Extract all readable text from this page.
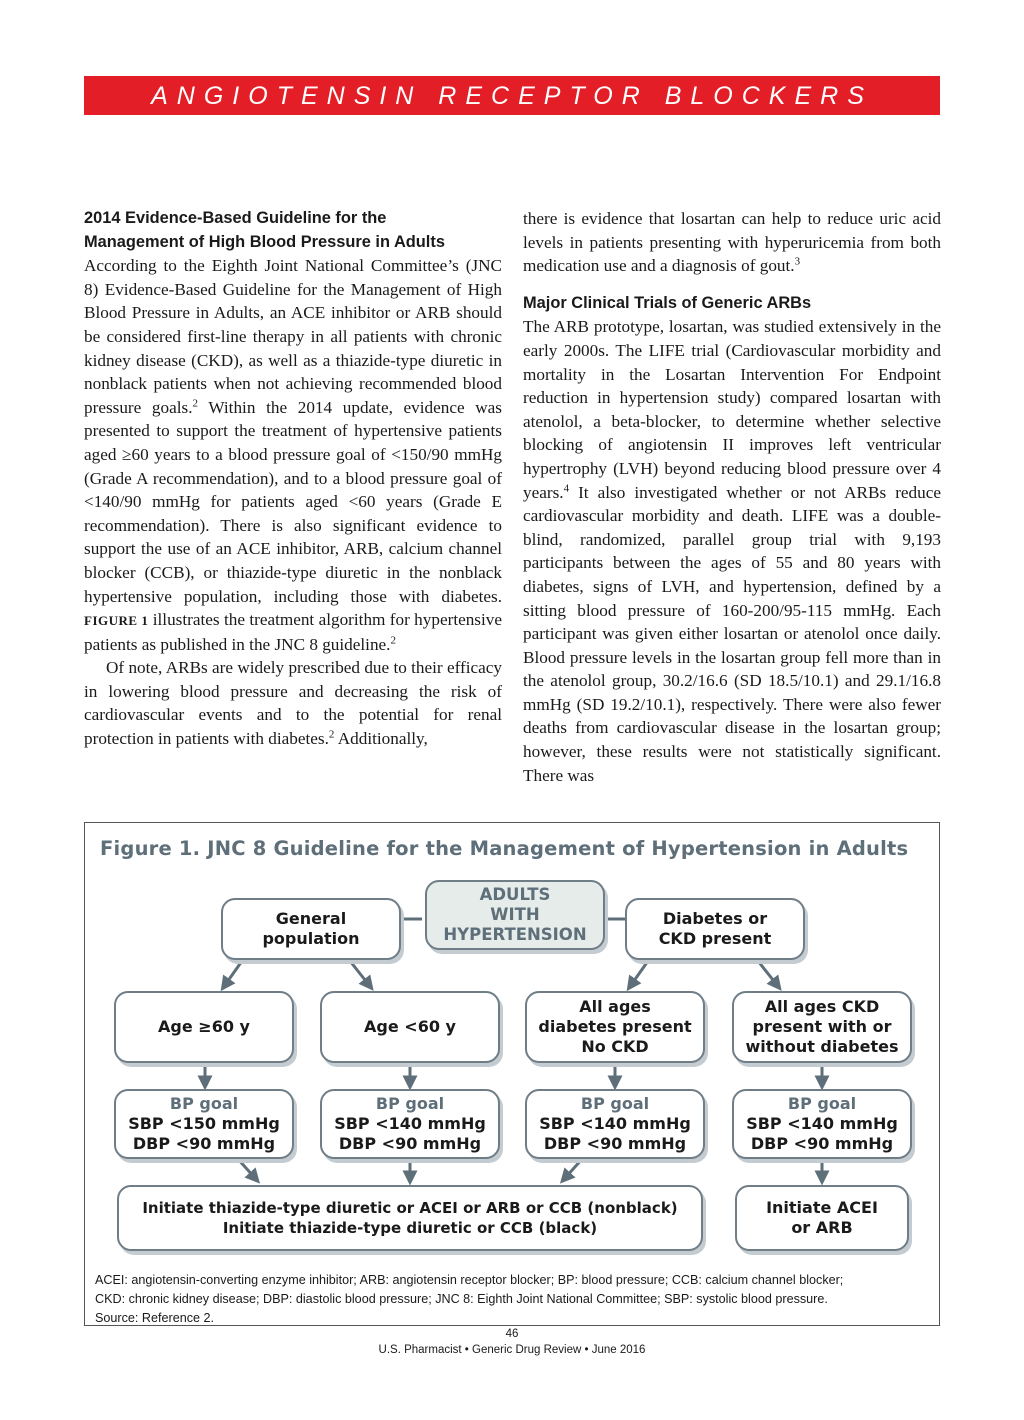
ANGIOTENSIN RECEPTOR BLOCKERS
2014 Evidence-Based Guideline for the
Management of High Blood Pressure in Adults

According to the Eighth Joint National Committee’s (JNC 8) Evidence-Based Guideline for the Management of High Blood Pressure in Adults, an ACE inhibitor or ARB should be considered first-line therapy in all patients with chronic kidney disease (CKD), as well as a thiazide-type diuretic in nonblack patients when not achieving recommended blood pressure goals.$^2$ Within the 2014 update, evidence was presented to support the treatment of hypertensive patients aged ≥60 years to a blood pressure goal of <150/90 mmHg (Grade A recommendation), and to a blood pressure goal of <140/90 mmHg for patients aged <60 years (Grade E recommendation). There is also significant evidence to support the use of an ACE inhibitor, ARB, calcium channel blocker (CCB), or thiazide-type diuretic in the nonblack hypertensive population, including those with diabetes. FIGURE 1 illustrates the treatment algorithm for hypertensive patients as published in the JNC 8 guideline.$^2$

Of note, ARBs are widely prescribed due to their efficacy in lowering blood pressure and decreasing the risk of cardiovascular events and to the potential for renal protection in patients with diabetes.$^2$ Additionally,

there is evidence that losartan can help to reduce uric acid levels in patients presenting with hyperuricemia from both medication use and a diagnosis of gout.$^3$

Major Clinical Trials of Generic ARBs

The ARB prototype, losartan, was studied extensively in the early 2000s. The LIFE trial (Cardiovascular morbidity and mortality in the Losartan Intervention For Endpoint reduction in hypertension study) compared losartan with atenolol, a beta-blocker, to determine whether selective blocking of angiotensin II improves left ventricular hypertrophy (LVH) beyond reducing blood pressure over 4 years.$^4$ It also investigated whether or not ARBs reduce cardiovascular morbidity and death. LIFE was a double-blind, randomized, parallel group trial with 9,193 participants between the ages of 55 and 80 years with diabetes, signs of LVH, and hypertension, defined by a sitting blood pressure of 160-200/95-115 mmHg. Each participant was given either losartan or atenolol once daily. Blood pressure levels in the losartan group fell more than in the atenolol group, 30.2/16.6 (SD 18.5/10.1) and 29.1/16.8 mmHg (SD 19.2/10.1), respectively. There were also fewer deaths from cardiovascular disease in the losartan group; however, these results were not statistically significant. There was

Figure 1. JNC 8 Guideline for the Management of Hypertension in Adults
ADULTS
WITH
HYPERTENSION
General
population
Diabetes or
CKD present
Age ≥60 y	Age <60 y
All ages
diabetes present
No CKD
All ages CKD
present with or
without diabetes
BP goal
SBP <150 mmHg
DBP <90 mmHg
BP goal
SBP <140 mmHg
DBP <90 mmHg
BP goal
SBP <140 mmHg
DBP <90 mmHg
BP goal
SBP <140 mmHg
DBP <90 mmHg
Initiate thiazide-type diuretic or ACEI or ARB or CCB (nonblack)
Initiate thiazide-type diuretic or CCB (black)
Initiate ACEI
or ARB
ACEI: angiotensin-converting enzyme inhibitor; ARB: angiotensin receptor blocker; BP: blood pressure; CCB: calcium channel blocker;
CKD: chronic kidney disease; DBP: diastolic blood pressure; JNC 8: Eighth Joint National Committee; SBP: systolic blood pressure.
Source: Reference 2.
46
U.S. Pharmacist • Generic Drug Review • June 2016
